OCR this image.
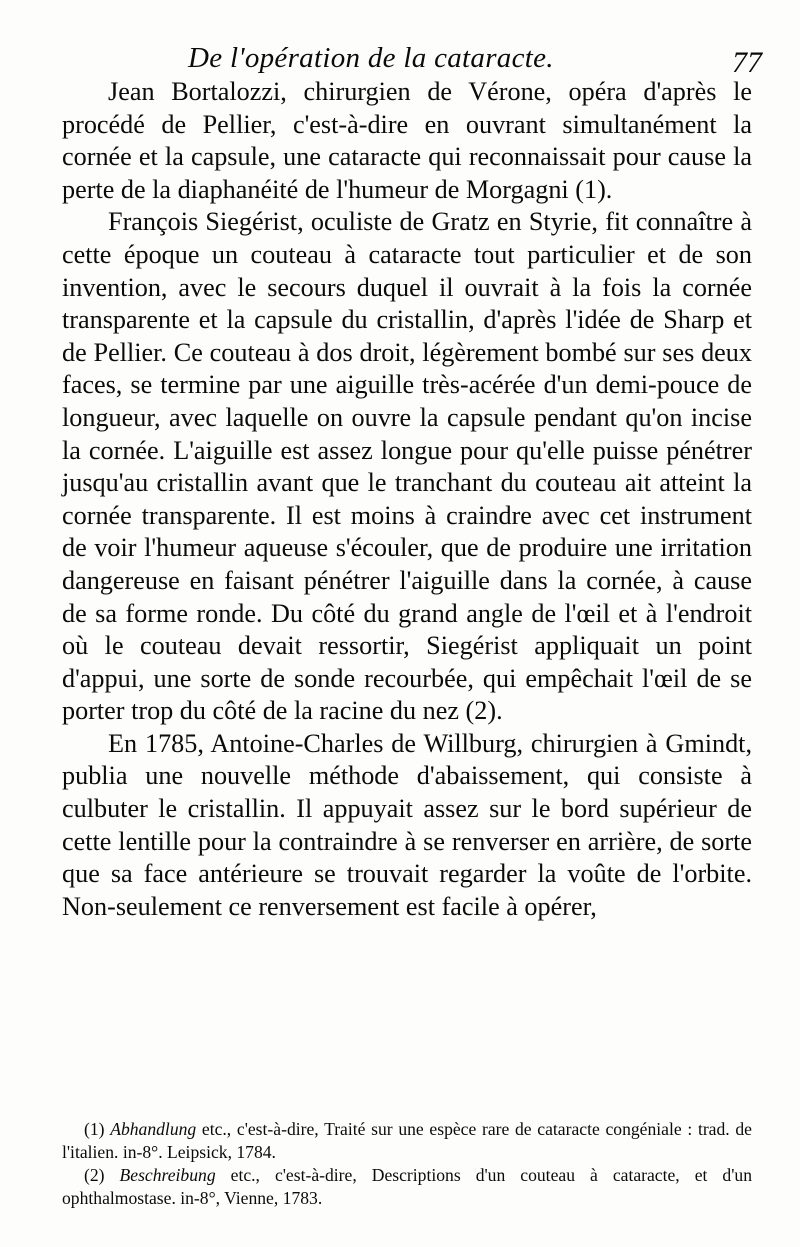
De l'opération de la cataracte.	77

Jean Bortalozzi, chirurgien de Vérone, opéra d'après le procédé de Pellier, c'est-à-dire en ouvrant simultanément la cornée et la capsule, une cataracte qui reconnaissait pour cause la perte de la diaphanéité de l'humeur de Morgagni (1).

François Siegérist, oculiste de Gratz en Styrie, fit connaître à cette époque un couteau à cataracte tout particulier et de son invention, avec le secours duquel il ouvrait à la fois la cornée transparente et la capsule du cristallin, d'après l'idée de Sharp et de Pellier. Ce couteau à dos droit, légèrement bombé sur ses deux faces, se termine par une aiguille très-acérée d'un demi-pouce de longueur, avec laquelle on ouvre la capsule pendant qu'on incise la cornée. L'aiguille est assez longue pour qu'elle puisse pénétrer jusqu'au cristallin avant que le tranchant du couteau ait atteint la cornée transparente. Il est moins à craindre avec cet instrument de voir l'humeur aqueuse s'écouler, que de produire une irritation dangereuse en faisant pénétrer l'aiguille dans la cornée, à cause de sa forme ronde. Du côté du grand angle de l'œil et à l'endroit où le couteau devait ressortir, Siegérist appliquait un point d'appui, une sorte de sonde recourbée, qui empêchait l'œil de se porter trop du côté de la racine du nez (2).

En 1785, Antoine-Charles de Willburg, chirurgien à Gmindt, publia une nouvelle méthode d'abaissement, qui consiste à culbuter le cristallin. Il appuyait assez sur le bord supérieur de cette lentille pour la contraindre à se renverser en arrière, de sorte que sa face antérieure se trouvait regarder la voûte de l'orbite. Non-seulement ce renversement est facile à opérer,

(1) Abhandlung etc., c'est-à-dire, Traité sur une espèce rare de cataracte congéniale : trad. de l'italien. in-8°. Leipsick, 1784.

(2) Beschreibung etc., c'est-à-dire, Descriptions d'un couteau à cataracte, et d'un ophthalmostase. in-8°, Vienne, 1783.
